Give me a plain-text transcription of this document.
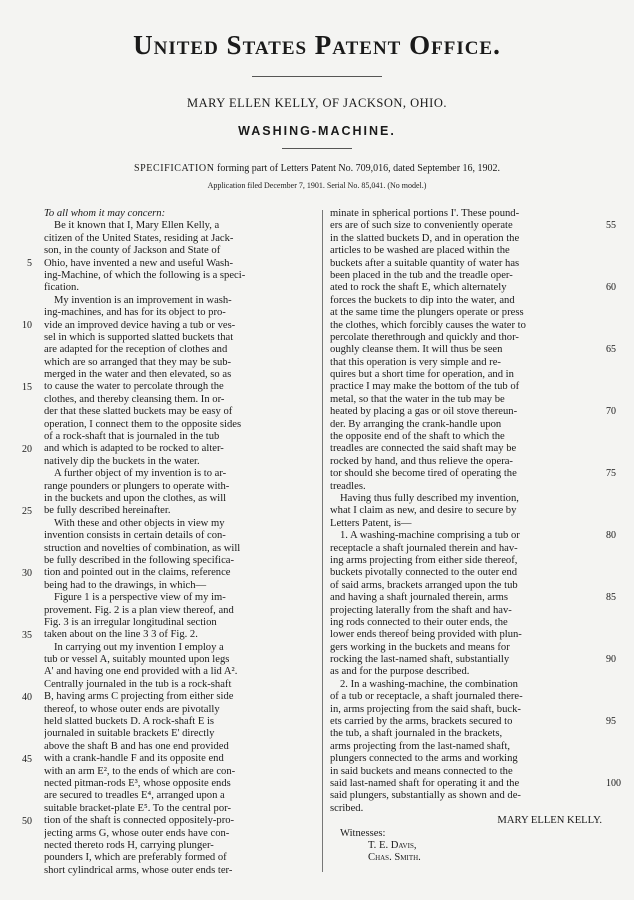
United States Patent Office.
MARY ELLEN KELLY, OF JACKSON, OHIO.
WASHING-MACHINE.
SPECIFICATION forming part of Letters Patent No. 709,016, dated September 16, 1902.
Application filed December 7, 1901. Serial No. 85,041. (No model.)
To all whom it may concern:
Be it known that I, Mary Ellen Kelly, a
citizen of the United States, residing at Jack-
son, in the county of Jackson and State of
Ohio, have invented a new and useful Wash-
ing-Machine, of which the following is a speci-
fication.
My invention is an improvement in wash-
ing-machines, and has for its object to pro-
vide an improved device having a tub or ves-
sel in which is supported slatted buckets that
are adapted for the reception of clothes and
which are so arranged that they may be sub-
merged in the water and then elevated, so as
to cause the water to percolate through the
clothes, and thereby cleansing them. In or-
der that these slatted buckets may be easy of
operation, I connect them to the opposite sides
of a rock-shaft that is journaled in the tub
and which is adapted to be rocked to alter-
natively dip the buckets in the water.
A further object of my invention is to ar-
range pounders or plungers to operate with-
in the buckets and upon the clothes, as will
be fully described hereinafter.
With these and other objects in view my
invention consists in certain details of con-
struction and novelties of combination, as will
be fully described in the following specifica-
tion and pointed out in the claims, reference
being had to the drawings, in which—
Figure 1 is a perspective view of my im-
provement. Fig. 2 is a plan view thereof, and
Fig. 3 is an irregular longitudinal section
taken about on the line 3 3 of Fig. 2.
In carrying out my invention I employ a
tub or vessel A, suitably mounted upon legs
A' and having one end provided with a lid A².
Centrally journaled in the tub is a rock-shaft
B, having arms C projecting from either side
thereof, to whose outer ends are pivotally
held slatted buckets D. A rock-shaft E is
journaled in suitable brackets E' directly
above the shaft B and has one end provided
with a crank-handle F and its opposite end
with an arm E², to the ends of which are con-
nected pitman-rods E³, whose opposite ends
are secured to treadles E⁴, arranged upon a
suitable bracket-plate E⁵. To the central por-
tion of the shaft is connected oppositely-pro-
jecting arms G, whose outer ends have con-
nected thereto rods H, carrying plunger-
pounders I, which are preferably formed of
short cylindrical arms, whose outer ends ter-
minate in spherical portions I'. These pound-
ers are of such size to conveniently operate
in the slatted buckets D, and in operation the
articles to be washed are placed within the
buckets after a suitable quantity of water has
been placed in the tub and the treadle oper-
ated to rock the shaft E, which alternately
forces the buckets to dip into the water, and
at the same time the plungers operate or press
the clothes, which forcibly causes the water to
percolate therethrough and quickly and thor-
oughly cleanse them. It will thus be seen
that this operation is very simple and re-
quires but a short time for operation, and in
practice I may make the bottom of the tub of
metal, so that the water in the tub may be
heated by placing a gas or oil stove thereun-
der. By arranging the crank-handle upon
the opposite end of the shaft to which the
treadles are connected the said shaft may be
rocked by hand, and thus relieve the opera-
tor should she become tired of operating the
treadles.
Having thus fully described my invention,
what I claim as new, and desire to secure by
Letters Patent, is—
1. A washing-machine comprising a tub or
receptacle a shaft journaled therein and hav-
ing arms projecting from either side thereof,
buckets pivotally connected to the outer end
of said arms, brackets arranged upon the tub
and having a shaft journaled therein, arms
projecting laterally from the shaft and hav-
ing rods connected to their outer ends, the
lower ends thereof being provided with plun-
gers working in the buckets and means for
rocking the last-named shaft, substantially
as and for the purpose described.
2. In a washing-machine, the combination
of a tub or receptacle, a shaft journaled there-
in, arms projecting from the said shaft, buck-
ets carried by the arms, brackets secured to
the tub, a shaft journaled in the brackets,
arms projecting from the last-named shaft,
plungers connected to the arms and working
in said buckets and means connected to the
said last-named shaft for operating it and the
said plungers, substantially as shown and de-
scribed.
MARY ELLEN KELLY.
Witnesses:
T. E. Davis,
Chas. Smith.
5
10
15
20
25
30
35
40
45
50
55
60
65
70
75
80
85
90
95
100
